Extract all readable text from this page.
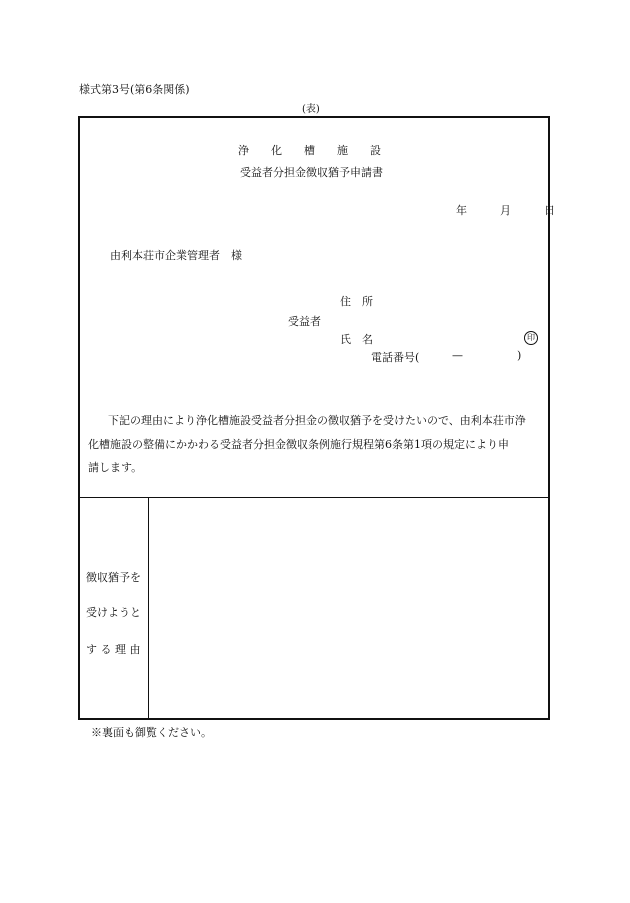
様式第3号(第6条関係)
(表)
浄　　化　　槽　　施　　設
受益者分担金徴収猶予申請書
年　　　月　　　日
由利本荘市企業管理者　様
住　所
受益者
氏　名	印
電話番号(	—	)
下記の理由により浄化槽施設受益者分担金の徴収猶予を受けたいので、由利本荘市浄
化槽施設の整備にかかわる受益者分担金徴収条例施行規程第6条第1項の規定により申
請します。
徴収猶予を
受けようと
す る 理 由
※裏面も御覧ください。
